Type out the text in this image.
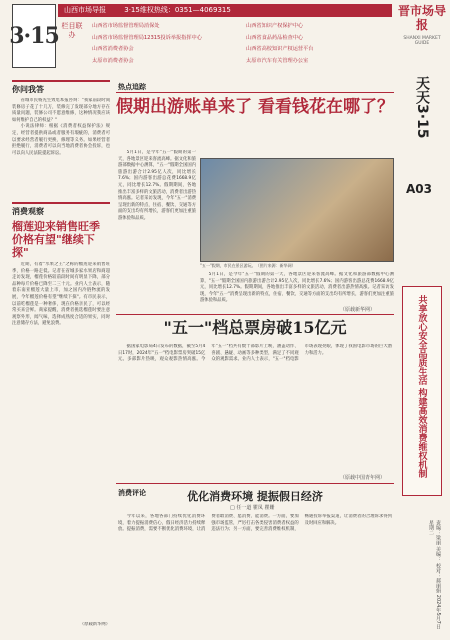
3·15
山西市场导报	3·15维权热线：0351—4069315
栏目联办
山西省市场监督管理局消保处	山西省知识产权保护中心
山西省市场监督管理局12315投诉举报指挥中心	山西省食品药品检查中心
山西省消费者协会	山西省高校知识产权运营平台
太原市消费者协会	太原市汽车有关管理办公室
晋市场导报
SHANXI MARKET GUIDE
天天3·15
A03
你问我答

省城市民杨先生致电本报咨询："我家前段时间装修房子花了十几万，装修完了发现部分地方存在质量问题，装修公司不愿意维修，这种情况我应该如何维护自己的权益？"

小说法律师：根据《消费者权益保护法》规定，经营者提供商品或者服务有瑕疵的，消费者可以要求经营者履行更换、修理等义务。如果经营者拒绝履行，消费者可以向当地消费者协会投诉，也可以向人民法院提起诉讼。

消费观察
榴莲迎来销售旺季 价格有望"继续下探"

近期，有着"水果之王"之称的榴莲迎来销售旺季，价格一路走低。记者在省城多家水果店和商超走访发现，榴莲价格较前段时间有明显下降，部分品种每斤价格已降至二三十元。业内人士表示，随着东南亚榴莲大量上市，加之国内冷链物流的发展，今年榴莲价格有望"继续下探"。有市民表示，以前吃榴莲是一种奢侈，现在价格亲民了，可以经常买来尝鲜。商家提醒，消费者挑选榴莲时要注意观察外形，闻气味，选择成熟度合适的果实，同时注意储存方法，避免浪费。

（原载新华网）
热点追踪
假期出游账单来了 看看钱花在哪了？

5月1日，是今年"五一"假期的第一天，各地景区迎来客流高峰。据文化和旅游部数据中心测算，"五一"假期全国国内旅游出游合计2.95亿人次，同比增长7.6%；国内游客出游总花费1668.9亿元，同比增长12.7%。假期期间，各地推出丰富多样的文旅活动，消费者出游热情高涨。记者采访发现，今年"五一"消费呈现出新的特点，住宿、餐饮、交通等方面的支出均有所增长，游客们更加注重旅游体验和品质。

"五一"假期，市民在景区游玩。（图片来源：新华网）

5月1日，是今年"五一"假期的第一天，各地景区迎来客流高峰。据文化和旅游部数据中心测算，"五一"假期全国国内旅游出游合计2.95亿人次，同比增长7.6%；国内游客出游总花费1668.9亿元，同比增长12.7%。假期期间，各地推出丰富多样的文旅活动，消费者出游热情高涨。记者采访发现，今年"五一"消费呈现出新的特点，住宿、餐饮、交通等方面的支出均有所增长，游客们更加注重旅游体验和品质。

（原载新华网）
"五一"档总票房破15亿元

据国家电影局4日发布的数据，截至5月4日17时，2024年"五一"档电影票房突破15亿元。多部影片热映，观众观影热情高涨。今年"五一"档共有数十部影片上映，涵盖动作、喜剧、悬疑、动画等多种类型，满足了不同观众的观影需求。业内人士表示，"五一"档电影市场表现亮眼，体现了我国电影市场的巨大潜力和活力。

（原载中国青年网）
消费评论	优化消费环境 提振假日经济
□ 任一道 瞿凤 瞿姗

今年以来，各地各部门持续优化消费环境，着力提振消费信心，假日经济活力持续释放。提振消费，需要不断优化消费环境，让消费者敢消费、愿消费、能消费。一方面，要加强市场监管，严厉打击各类侵害消费者权益的违法行为；另一方面，要完善消费维权机制，畅通投诉举报渠道，让消费者的合理诉求得到及时回应和解决。

共享放心安全品质生活 构建高效消费维权机制
责编：梁丽 美编： 校对：郝丽娟 2024年5月7日 星期二
